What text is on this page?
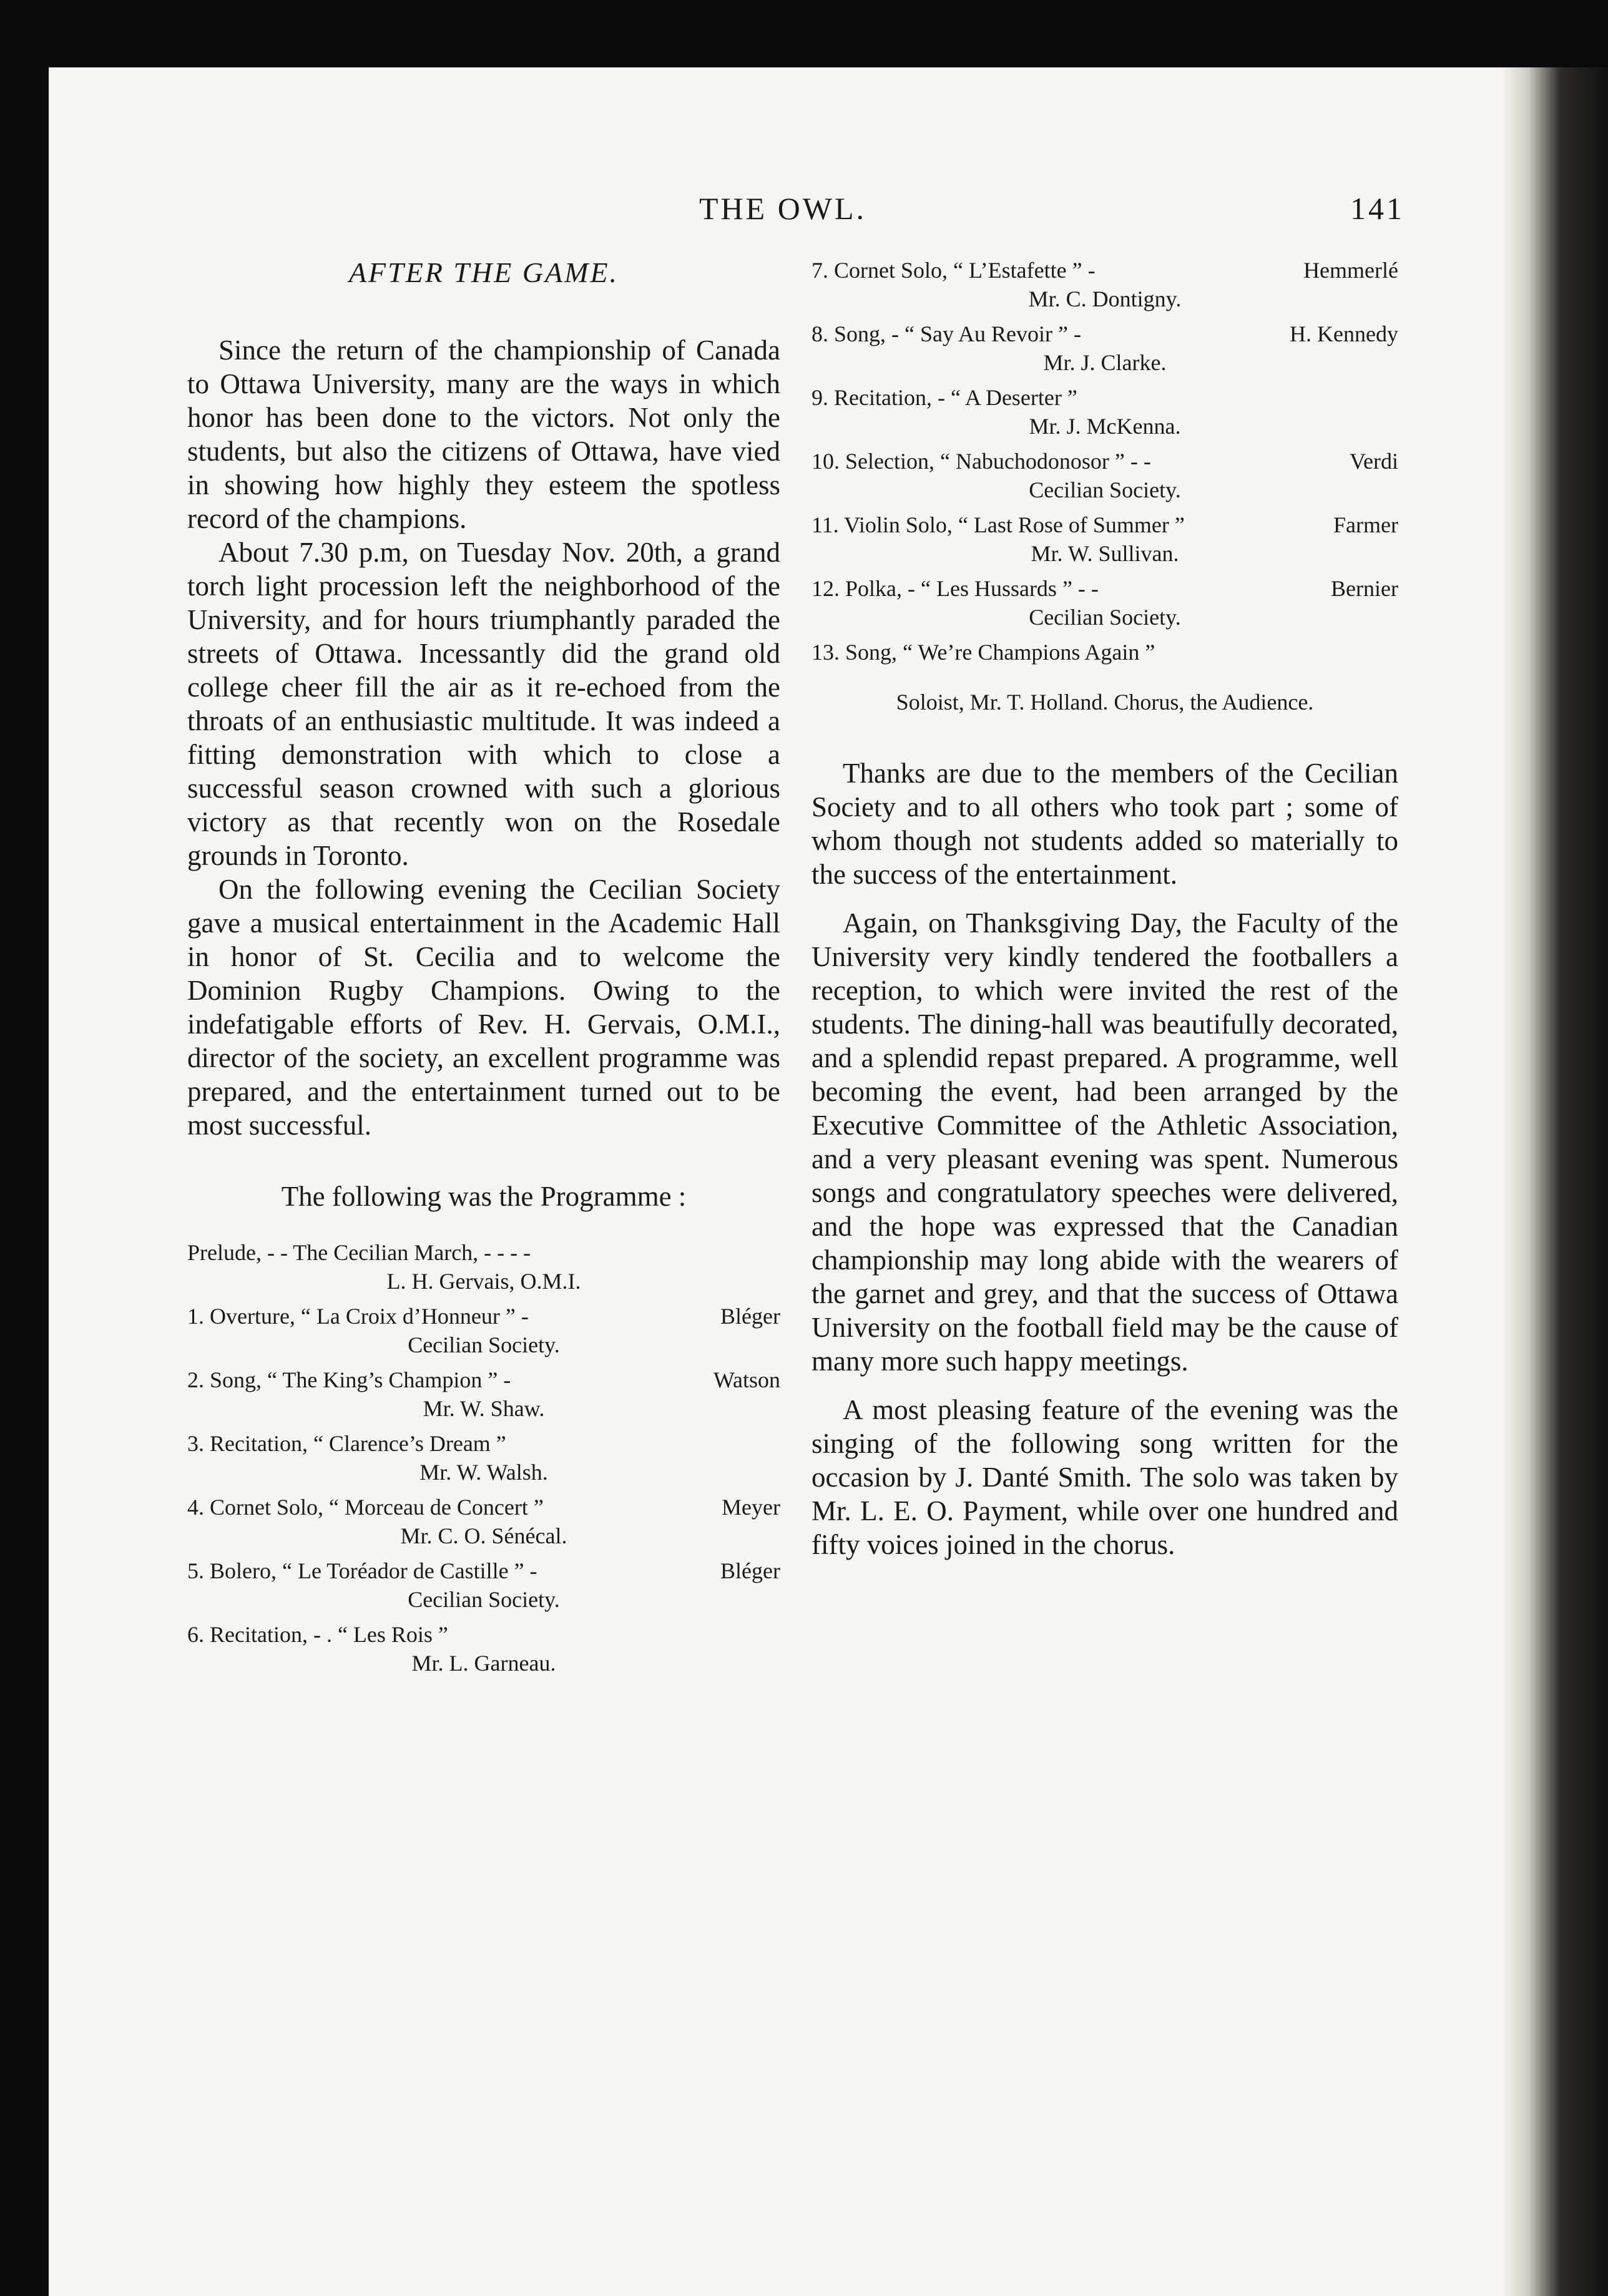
THE OWL.	141
AFTER THE GAME.

Since the return of the championship of Canada to Ottawa University, many are the ways in which honor has been done to the victors. Not only the students, but also the citizens of Ottawa, have vied in showing how highly they esteem the spotless record of the champions.

About 7.30 p.m, on Tuesday Nov. 20th, a grand torch light procession left the neighborhood of the University, and for hours triumphantly paraded the streets of Ottawa. Incessantly did the grand old college cheer fill the air as it re-echoed from the throats of an enthusiastic multitude. It was indeed a fitting demonstration with which to close a successful season crowned with such a glorious victory as that recently won on the Rosedale grounds in Toronto.

On the following evening the Cecilian Society gave a musical entertainment in the Academic Hall in honor of St. Cecilia and to welcome the Dominion Rugby Champions. Owing to the indefatigable efforts of Rev. H. Gervais, O.M.I., director of the society, an excellent programme was prepared, and the entertainment turned out to be most successful.

The following was the Programme :

Prelude, - - The Cecilian March, - - - -
L. H. Gervais, O.M.I.
1. Overture, “ La Croix d’Honneur ” -	Bléger
Cecilian Society.
2. Song, “ The King’s Champion ” -	Watson
Mr. W. Shaw.
3. Recitation, “ Clarence’s Dream ”
Mr. W. Walsh.
4. Cornet Solo, “ Morceau de Concert ”	Meyer
Mr. C. O. Sénécal.
5. Bolero, “ Le Toréador de Castille ” -	Bléger
Cecilian Society.
6. Recitation, - . “ Les Rois ”
Mr. L. Garneau.
7. Cornet Solo, “ L’Estafette ” -	Hemmerlé
Mr. C. Dontigny.
8. Song, - “ Say Au Revoir ” -	H. Kennedy
Mr. J. Clarke.
9. Recitation, - “ A Deserter ”
Mr. J. McKenna.
10. Selection, “ Nabuchodonosor ” - -	Verdi
Cecilian Society.
11. Violin Solo, “ Last Rose of Summer ”	Farmer
Mr. W. Sullivan.
12. Polka, - “ Les Hussards ” - -	Bernier
Cecilian Society.
13. Song, “ We’re Champions Again ”
Soloist, Mr. T. Holland. Chorus, the Audience.

Thanks are due to the members of the Cecilian Society and to all others who took part ; some of whom though not students added so materially to the success of the entertainment.

Again, on Thanksgiving Day, the Faculty of the University very kindly tendered the footballers a reception, to which were invited the rest of the students. The dining-hall was beautifully decorated, and a splendid repast prepared. A programme, well becoming the event, had been arranged by the Executive Committee of the Athletic Association, and a very pleasant evening was spent. Numerous songs and congratulatory speeches were delivered, and the hope was expressed that the Canadian championship may long abide with the wearers of the garnet and grey, and that the success of Ottawa University on the football field may be the cause of many more such happy meetings.

A most pleasing feature of the evening was the singing of the following song written for the occasion by J. Danté Smith. The solo was taken by Mr. L. E. O. Payment, while over one hundred and fifty voices joined in the chorus.
